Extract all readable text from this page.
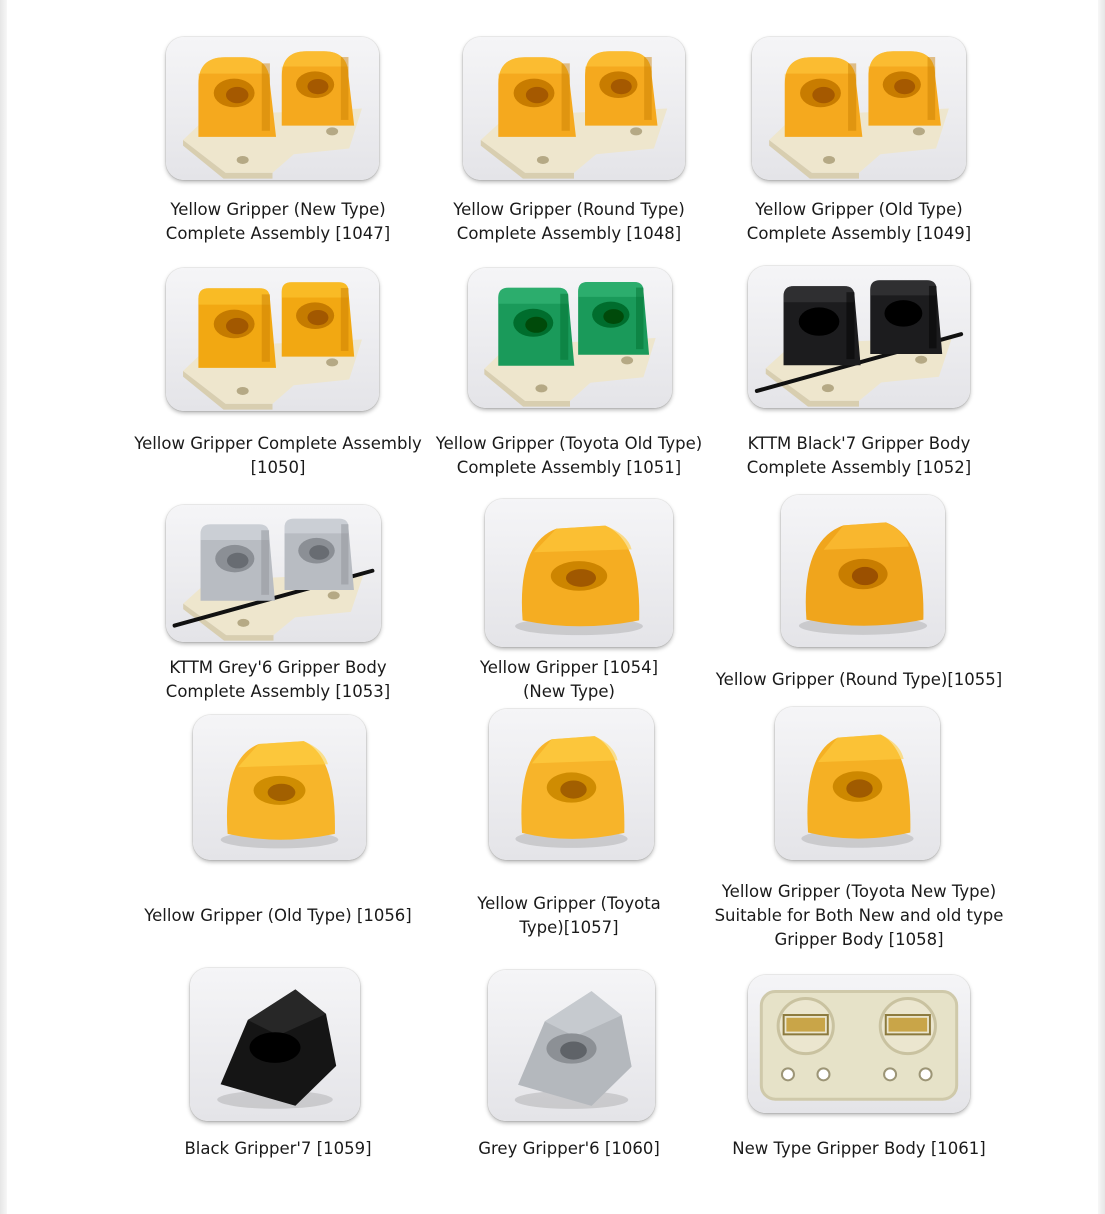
Yellow Gripper (New Type)
Complete Assembly [1047]
Yellow Gripper (Round Type)
Complete Assembly [1048]
Yellow Gripper (Old Type)
Complete Assembly [1049]
Yellow Gripper Complete Assembly
[1050]
Yellow Gripper (Toyota Old Type)
Complete Assembly [1051]
KTTM Black'7 Gripper Body
Complete Assembly [1052]
KTTM Grey'6 Gripper Body
Complete Assembly [1053]
Yellow Gripper [1054]
(New Type)
Yellow Gripper (Round Type)[1055]
Yellow Gripper (Old Type) [1056]
Yellow Gripper (Toyota
Type)[1057]
Yellow Gripper (Toyota New Type)
Suitable for Both New and old type
Gripper Body [1058]
Black Gripper'7 [1059]	Grey Gripper'6 [1060]	New Type Gripper Body [1061]
